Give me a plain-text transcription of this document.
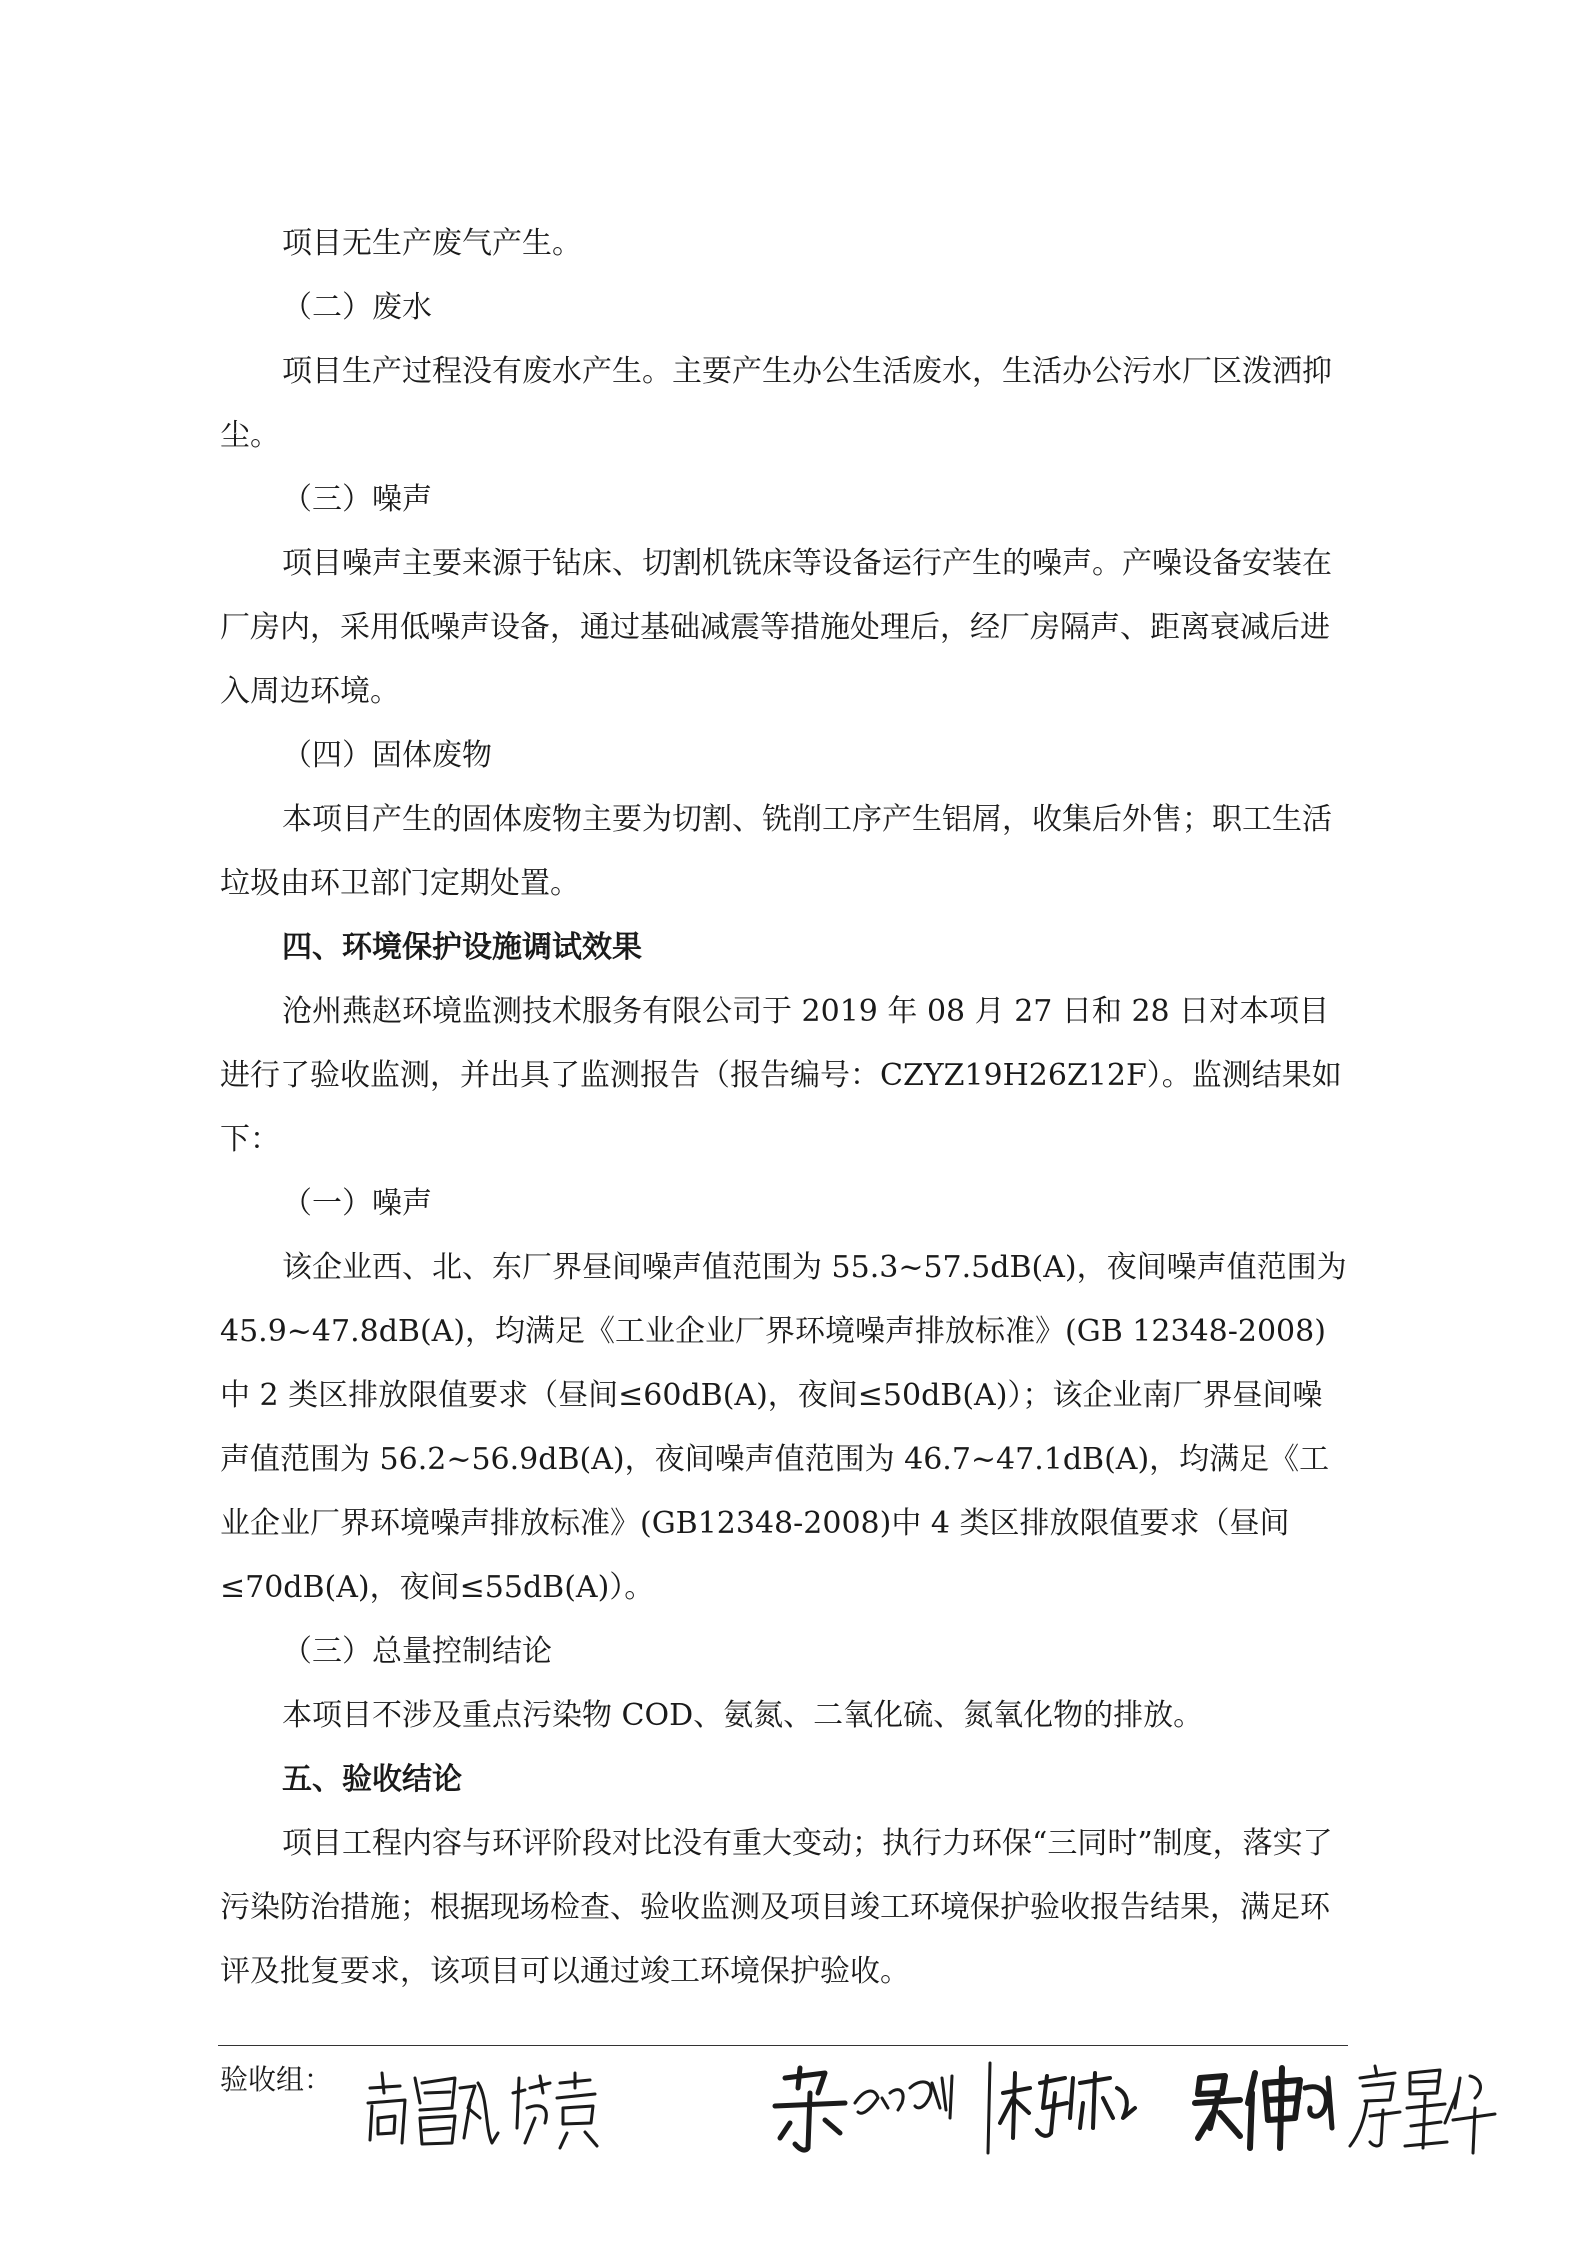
项目无生产废气产生。

（二）废水

项目生产过程没有废水产生。主要产生办公生活废水，生活办公污水厂区泼洒抑尘。

（三）噪声

项目噪声主要来源于钻床、切割机铣床等设备运行产生的噪声。产噪设备安装在厂房内，采用低噪声设备，通过基础减震等措施处理后，经厂房隔声、距离衰减后进入周边环境。

（四）固体废物

本项目产生的固体废物主要为切割、铣削工序产生铝屑，收集后外售；职工生活垃圾由环卫部门定期处置。

四、环境保护设施调试效果

沧州燕赵环境监测技术服务有限公司于 2019 年 08 月 27 日和 28 日对本项目进行了验收监测，并出具了监测报告（报告编号：CZYZ19H26Z12F）。监测结果如下：

（一）噪声

该企业西、北、东厂界昼间噪声值范围为 55.3~57.5dB(A)，夜间噪声值范围为 45.9~47.8dB(A)，均满足《工业企业厂界环境噪声排放标准》(GB 12348-2008)中 2 类区排放限值要求（昼间≤60dB(A)，夜间≤50dB(A)）；该企业南厂界昼间噪声值范围为 56.2~56.9dB(A)，夜间噪声值范围为 46.7~47.1dB(A)，均满足《工业企业厂界环境噪声排放标准》(GB12348-2008)中 4 类区排放限值要求（昼间≤70dB(A)，夜间≤55dB(A)）。

（三）总量控制结论

本项目不涉及重点污染物 COD、氨氮、二氧化硫、氮氧化物的排放。

五、验收结论

项目工程内容与环评阶段对比没有重大变动；执行力环保“三同时”制度，落实了污染防治措施；根据现场检查、验收监测及项目竣工环境保护验收报告结果，满足环评及批复要求，该项目可以通过竣工环境保护验收。

验收组：
